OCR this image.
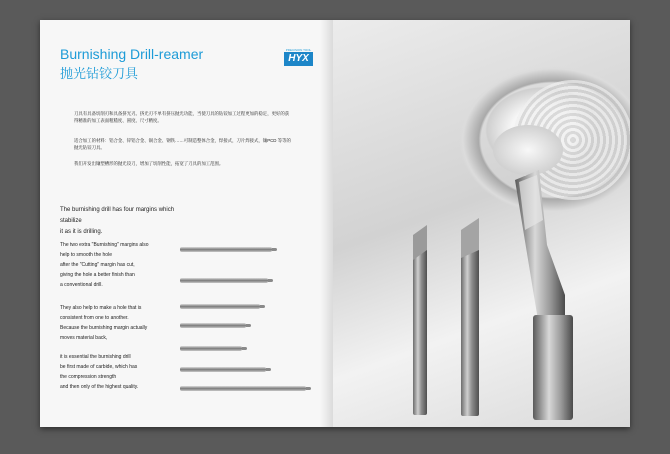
Burnishing Drill-reamer
抛光钻铰刀具
PRECISION TOOL
HYX
刀具有具备切削刃和具备挤光刃。挤光刃不单有挤压抛光功能，当使刀具的钻铰加工过程更加的稳定，更好的获得精准的加工表面粗糙度、圆度、尺寸精度。
适合加工的材料：铝合金、锌铝合金、铜合金、钢铁……可制造整体合金，焊接式，刀片焊接式，镶PCD 等等的抛光钻铰刀具。
我们开发出镶塑槽形的抛光铰刀，增加了切削性能，拓宽了刀具的加工范围。
The burnishing drill has four margins which
stabilize
it as it is drilling.
The two extra "Burnishing" margins also
help to smooth the hole
after the "Cutting" margin has cut,
giving the hole a better finish than
a conventional drill.
They also help to make a hole that is
consistent from one to another.
Because the burnishing margin actually
moves material back,
it is essential the burnishing drill
be first made of carbide, which has
the compression strength
and then only of the highest quality.
